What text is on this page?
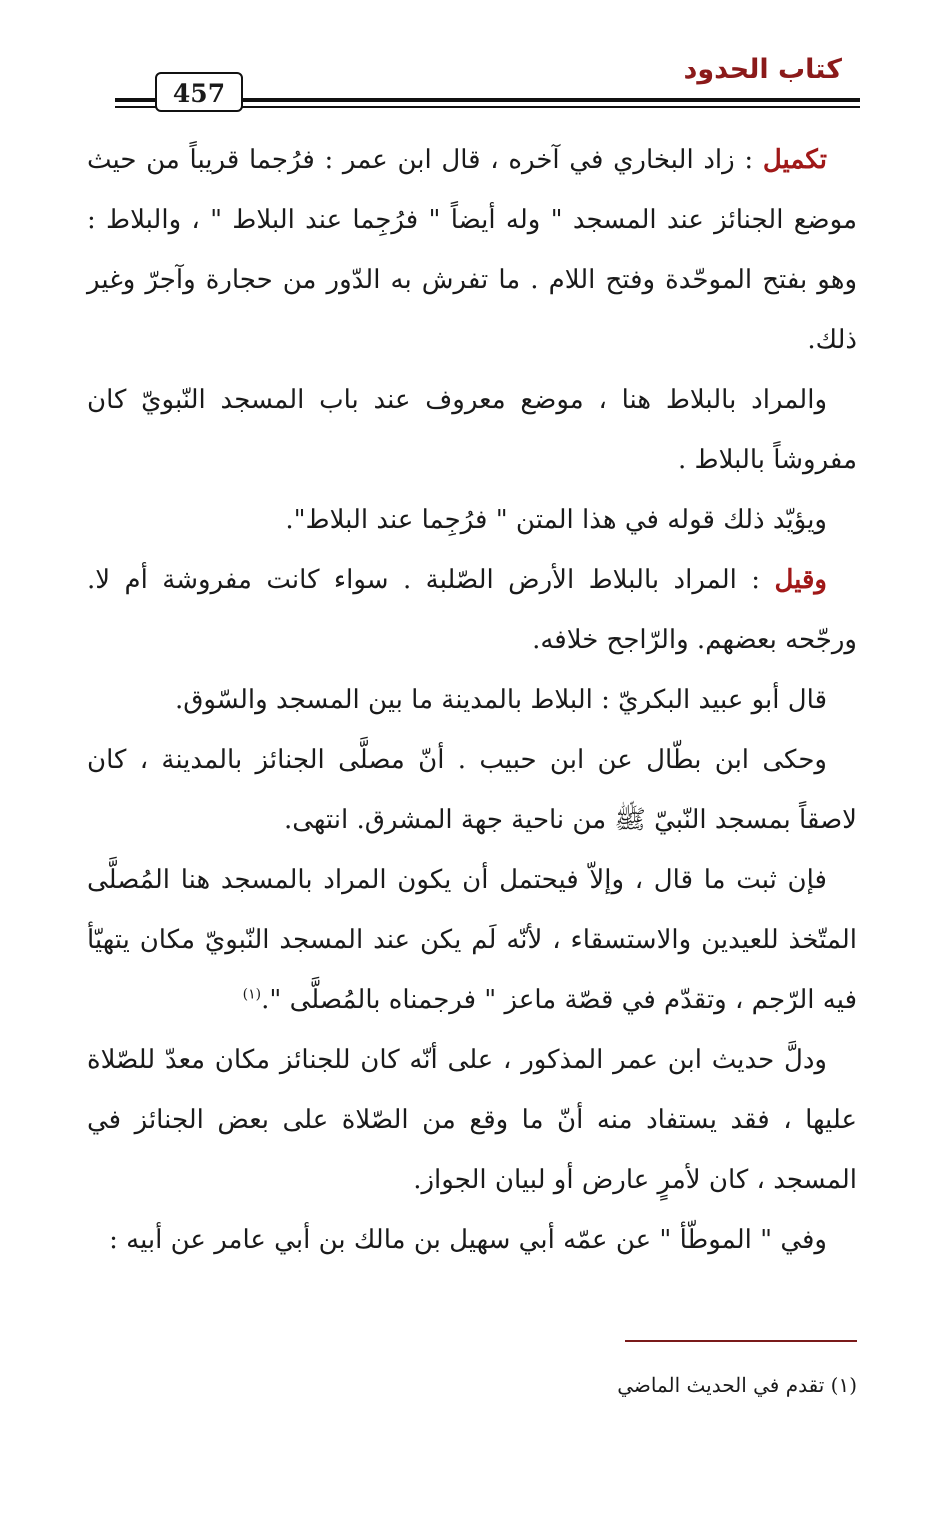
كتاب الحدود
457

تكميل : زاد البخاري في آخره ، قال ابن عمر : فرُجما قريباً من حيث موضع الجنائز عند المسجد " وله أيضاً " فرُجِما عند البلاط " ، والبلاط : وهو بفتح الموحّدة وفتح اللام . ما تفرش به الدّور من حجارة وآجرّ وغير ذلك.

والمراد بالبلاط هنا ، موضع معروف عند باب المسجد النّبويّ كان مفروشاً بالبلاط .

ويؤيّد ذلك قوله في هذا المتن " فرُجِما عند البلاط".

وقيل : المراد بالبلاط الأرض الصّلبة . سواء كانت مفروشة أم لا. ورجّحه بعضهم. والرّاجح خلافه.

قال أبو عبيد البكريّ : البلاط بالمدينة ما بين المسجد والسّوق.

وحكى ابن بطّال عن ابن حبيب . أنّ مصلَّى الجنائز بالمدينة ، كان لاصقاً بمسجد النّبيّ ﷺ من ناحية جهة المشرق. انتهى.

فإن ثبت ما قال ، وإلاّ فيحتمل أن يكون المراد بالمسجد هنا المُصلَّى المتّخذ للعيدين والاستسقاء ، لأنّه لَم يكن عند المسجد النّبويّ مكان يتهيّأ فيه الرّجم ، وتقدّم في قصّة ماعز " فرجمناه بالمُصلَّى ".$^{(١)}$

ودلَّ حديث ابن عمر المذكور ، على أنّه كان للجنائز مكان معدّ للصّلاة عليها ، فقد يستفاد منه أنّ ما وقع من الصّلاة على بعض الجنائز في المسجد ، كان لأمرٍ عارض أو لبيان الجواز.

وفي " الموطّأ " عن عمّه أبي سهيل بن مالك بن أبي عامر عن أبيه :

(١) تقدم في الحديث الماضي
